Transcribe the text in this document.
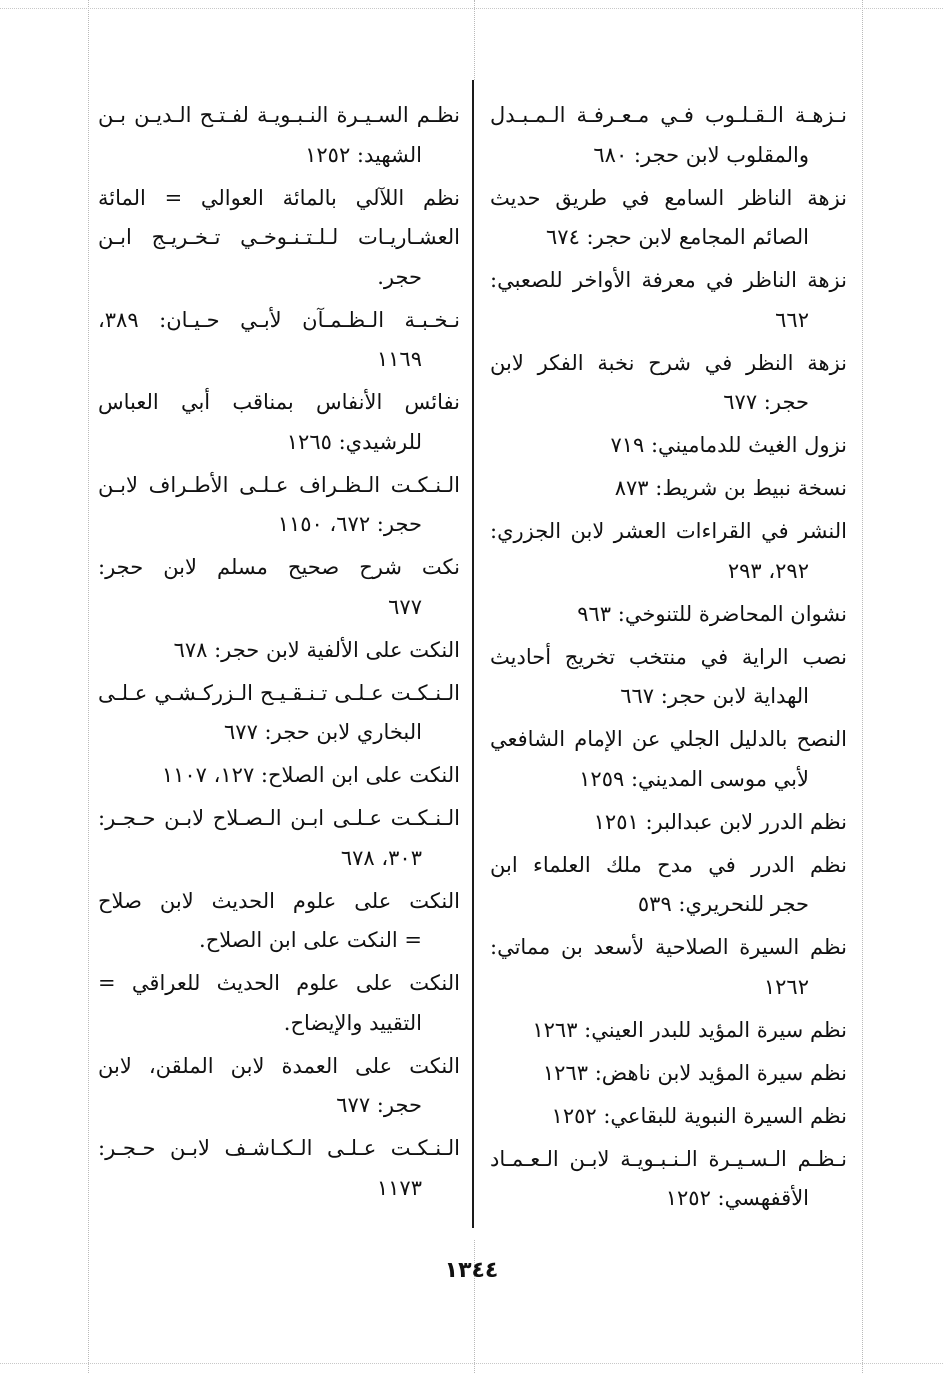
نـزهـة الـقـلـوب فـي مـعـرفـة الـمـبـدل
والمقلوب لابن حجر: ٦٨٠
نزهة الناظر السامع في طريق حديث
الصائم المجامع لابن حجر: ٦٧٤
نزهة الناظر في معرفة الأواخر للصعبي:
٦٦٢
نزهة النظر في شرح نخبة الفكر لابن
حجر: ٦٧٧
نزول الغيث للدماميني: ٧١٩
نسخة نبيط بن شريط: ٨٧٣
النشر في القراءات العشر لابن الجزري:
٢٩٢، ٢٩٣
نشوان المحاضرة للتنوخي: ٩٦٣
نصب الراية في منتخب تخريج أحاديث
الهداية لابن حجر: ٦٦٧
النصح بالدليل الجلي عن الإمام الشافعي
لأبي موسى المديني: ١٢٥٩
نظم الدرر لابن عبدالبر: ١٢٥١
نظم الدرر في مدح ملك العلماء ابن
حجر للنحريري: ٥٣٩
نظم السيرة الصلاحية لأسعد بن مماتي:
١٢٦٢
نظم سيرة المؤيد للبدر العيني: ١٢٦٣
نظم سيرة المؤيد لابن ناهض: ١٢٦٣
نظم السيرة النبوية للبقاعي: ١٢٥٢
نـظـم الـسـيـرة الـنـبـويـة لابـن الـعـمـاد
الأقفهسي: ١٢٥٢
نظـم السـيـرة النـبـويـة لفـتـح الـديـن بـن
الشهيد: ١٢٥٢
نظم اللآلي بالمائة العوالي = المائة
العشـاريـات لـلـتـنـوخـي تـخـريـج ابـن
حجر.
نـخـبـة الـظـمـآن لأبـي حـيـان: ٣٨٩،
١١٦٩
نفائس الأنفاس بمناقب أبي العباس
للرشيدي: ١٢٦٥
الـنـكـت الـظـراف عـلـى الأطـراف لابـن
حجر: ٦٧٢، ١١٥٠
نكت شرح صحيح مسلم لابن حجر:
٦٧٧
النكت على الألفية لابن حجر: ٦٧٨
الـنـكـت عـلـى تـنـقـيـح الـزركـشـي عـلـى
البخاري لابن حجر: ٦٧٧
النكت على ابن الصلاح: ١٢٧، ١١٠٧
الـنـكـت عـلـى ابـن الـصـلاح لابـن حـجـر:
٣٠٣، ٦٧٨
النكت على علوم الحديث لابن صلاح
= النكت على ابن الصلاح.
النكت على علوم الحديث للعراقي =
التقييد والإيضاح.
النكت على العمدة لابن الملقن، لابن
حجر: ٦٧٧
الـنـكـت عـلـى الـكـاشـف لابـن حـجـر:
١١٧٣
١٣٤٤
